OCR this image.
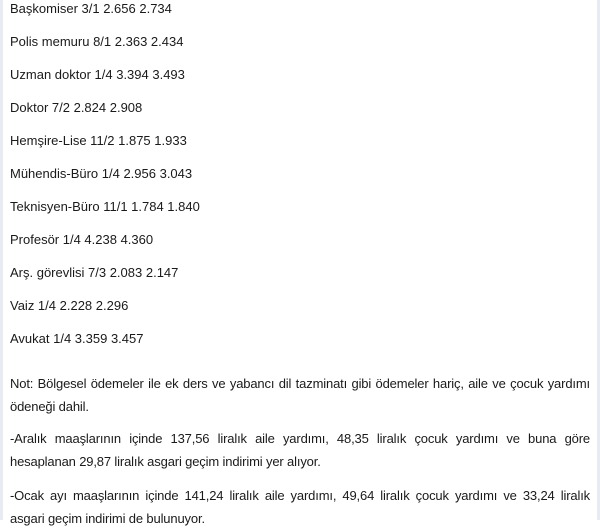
Başkomiser 3/1 2.656 2.734

Polis memuru 8/1 2.363 2.434

Uzman doktor 1/4 3.394 3.493

Doktor 7/2 2.824 2.908

Hemşire-Lise 11/2 1.875 1.933

Mühendis-Büro 1/4 2.956 3.043

Teknisyen-Büro 11/1 1.784 1.840

Profesör 1/4 4.238 4.360

Arş. görevlisi 7/3 2.083 2.147

Vaiz 1/4 2.228 2.296

Avukat 1/4 3.359 3.457

Not: Bölgesel ödemeler ile ek ders ve yabancı dil tazminatı gibi ödemeler hariç, aile ve çocuk yardımı ödeneği dahil.

-Aralık maaşlarının içinde 137,56 liralık aile yardımı, 48,35 liralık çocuk yardımı ve buna göre hesaplanan 29,87 liralık asgari geçim indirimi yer alıyor.

-Ocak ayı maaşlarının içinde 141,24 liralık aile yardımı, 49,64 liralık çocuk yardımı ve 33,24 liralık asgari geçim indirimi de bulunuyor.
